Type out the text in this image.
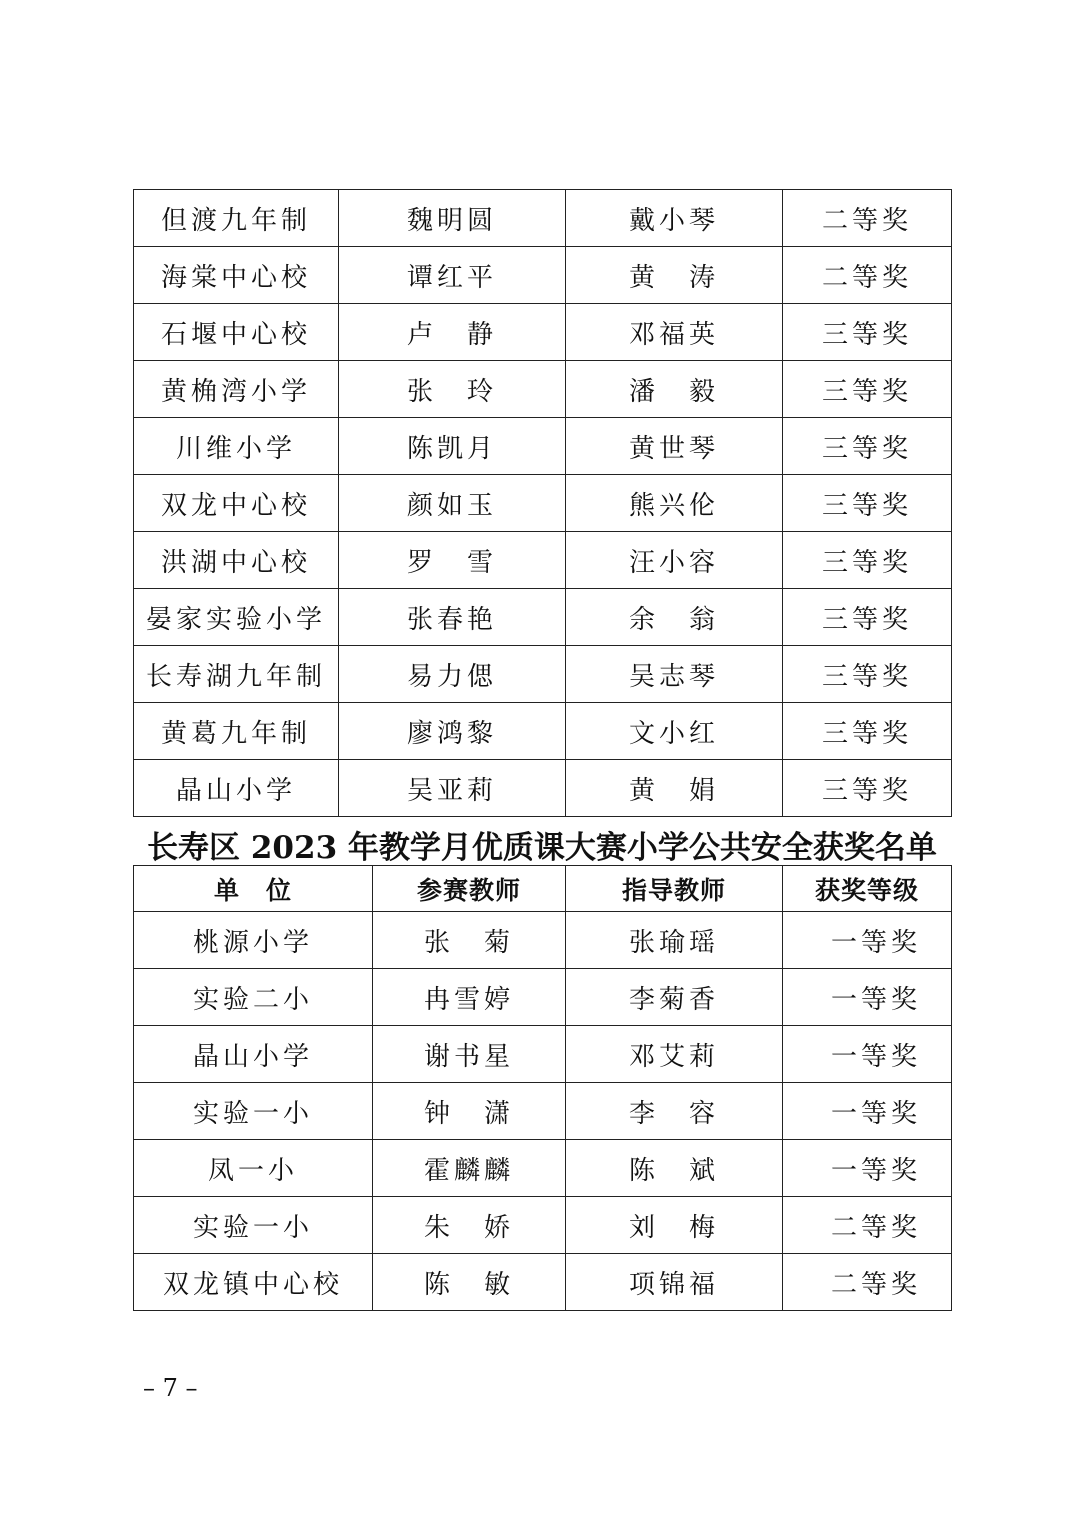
但渡九年制	魏明圆	戴小琴	二等奖
海棠中心校	谭红平	黄　涛	二等奖
石堰中心校	卢　静	邓福英	三等奖
黄桷湾小学	张　玲	潘　毅	三等奖
川维小学	陈凯月	黄世琴	三等奖
双龙中心校	颜如玉	熊兴伦	三等奖
洪湖中心校	罗　雪	汪小容	三等奖
晏家实验小学	张春艳	余　翁	三等奖
长寿湖九年制	易力偲	吴志琴	三等奖
黄葛九年制	廖鸿黎	文小红	三等奖
晶山小学	吴亚莉	黄　娟	三等奖
长寿区 2023 年教学月优质课大赛小学公共安全获奖名单
单　位	参赛教师	指导教师	获奖等级
桃源小学	张　菊	张瑜瑶	一等奖
实验二小	冉雪婷	李菊香	一等奖
晶山小学	谢书星	邓艾莉	一等奖
实验一小	钟　潇	李　容	一等奖
凤一小	霍麟麟	陈　斌	一等奖
实验一小	朱　娇	刘　梅	二等奖
双龙镇中心校	陈　敏	项锦福	二等奖
– 7 –
